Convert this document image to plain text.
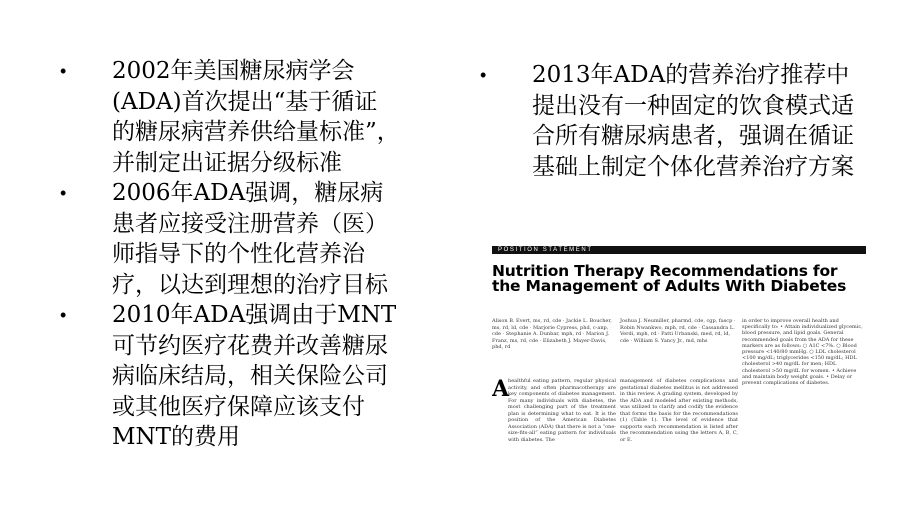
• 2002年美国糖尿病学会(ADA)首次提出“基于循证的糖尿病营养供给量标准”，并制定出证据分级标准
• 2006年ADA强调，糖尿病患者应接受注册营养（医）师指导下的个性化营养治疗，以达到理想的治疗目标
• 2010年ADA强调由于MNT可节约医疗花费并改善糖尿病临床结局，相关保险公司或其他医疗保障应该支付MNT的费用
• 2013年ADA的营养治疗推荐中提出没有一种固定的饮食模式适合所有糖尿病患者，强调在循证基础上制定个体化营养治疗方案
POSITION STATEMENT
Nutrition Therapy Recommendations for the Management of Adults With Diabetes
Alison B. Evert, ms, rd, cde · Jackie L. Boucher, ms, rd, ld, cde · Marjorie Cypress, phd, c-anp, cde · Stephanie A. Dunbar, mph, rd · Marion J. Franz, ms, rd, cde · Elizabeth J. Mayer-Davis, phd, rd
Joshua J. Neumiller, pharmd, cde, cgp, fascp · Robin Nwankwo, mph, rd, cde · Cassandra L. Verdi, mph, rd · Patti Urbanski, med, rd, ld, cde · William S. Yancy Jr., md, mhs
in order to improve overall health and specifically to: • Attain individualized glycemic, blood pressure, and lipid goals. General recommended goals from the ADA for these markers are as follows: ○ A1C <7%. ○ Blood pressure <140/80 mmHg. ○ LDL cholesterol <100 mg/dL; triglycerides <150 mg/dL; HDL cholesterol >40 mg/dL for men; HDL cholesterol >50 mg/dL for women. • Achieve and maintain body weight goals. • Delay or prevent complications of diabetes.
A
healthful eating pattern, regular physical activity, and often pharmacotherapy are key components of diabetes management. For many individuals with diabetes, the most challenging part of the treatment plan is determining what to eat. It is the position of the American Diabetes Association (ADA) that there is not a “one-size-fits-all” eating pattern for individuals with diabetes. The
management of diabetes complications and gestational diabetes mellitus is not addressed in this review. A grading system, developed by the ADA and modeled after existing methods, was utilized to clarify and codify the evidence that forms the basis for the recommendations (1) (Table 1). The level of evidence that supports each recommendation is listed after the recommendation using the letters A, B, C, or E.
